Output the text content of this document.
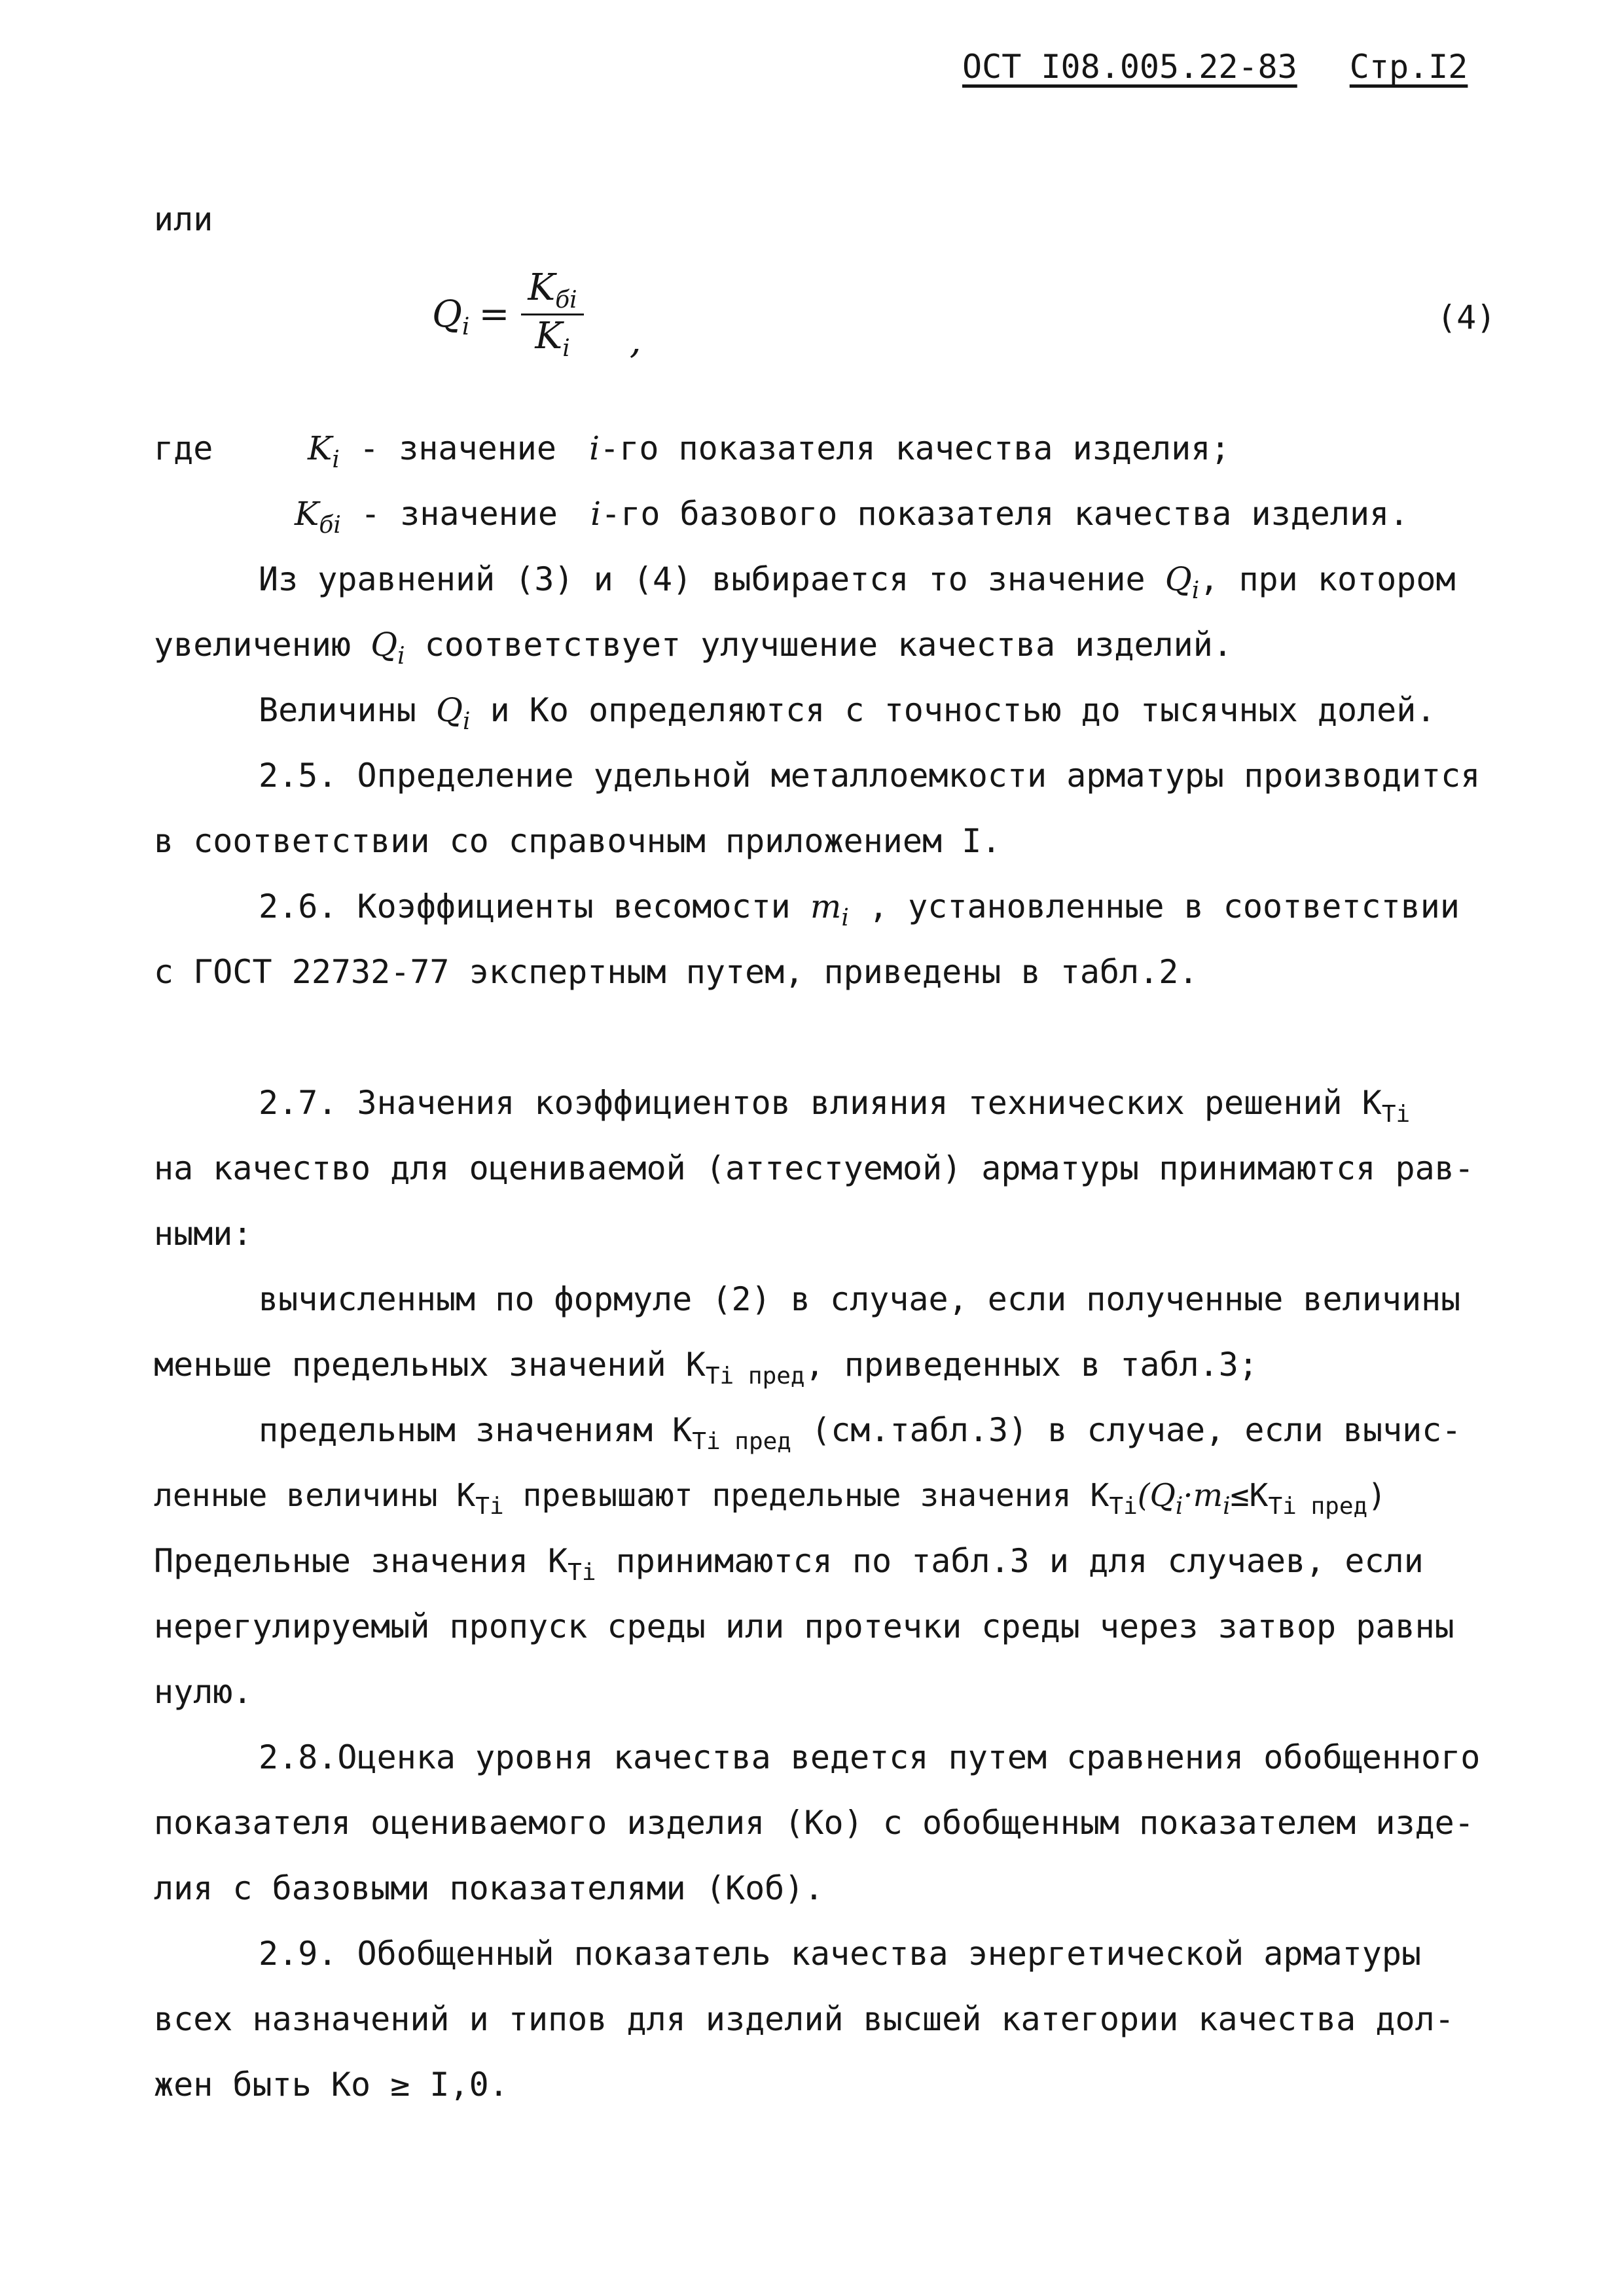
ОСТ I08.005.22-83 Стр.I2
или
$Q_i = \frac{K_{бi}}{K_i}$ ,
(4)
где	$K_i$ - значение i-го показателя качества изделия;
$K_{бi}$ - значение i-го базового показателя качества изделия.
Из уравнений (3) и (4) выбирается то значение $Q_i$, при котором
увеличению $Q_i$ соответствует улучшение качества изделий.
Величины $Q_i$ и Ко определяются с точностью до тысячных долей.
2.5. Определение удельной металлоемкости арматуры производится
в соответствии со справочным приложением I.
2.6. Коэффициенты весомости $m_i$ , установленные в соответствии
с ГОСТ 22732-77 экспертным путем, приведены в табл.2.
2.7. Значения коэффициентов влияния технических решений $К_{Тi}$
на качество для оцениваемой (аттестуемой) арматуры принимаются рав-
ными:
вычисленным по формуле (2) в случае, если полученные величины
меньше предельных значений $К_{Тi пред}$, приведенных в табл.3;
предельным значениям $К_{Тi пред}$ (см.табл.3) в случае, если вычис-
ленные величины $К_{Тi}$ превышают предельные значения $К_{Тi}(Q_i\cdot m_i\le К_{Тi пред})$
Предельные значения $К_{Тi}$ принимаются по табл.3 и для случаев, если
нерегулируемый пропуск среды или протечки среды через затвор равны
нулю.
2.8.Оценка уровня качества ведется путем сравнения обобщенного
показателя оцениваемого изделия (Ко) с обобщенным показателем изде-
лия с базовыми показателями (Коб).
2.9. Обобщенный показатель качества энергетической арматуры
всех назначений и типов для изделий высшей категории качества дол-
жен быть Ко ≥ I,0.
